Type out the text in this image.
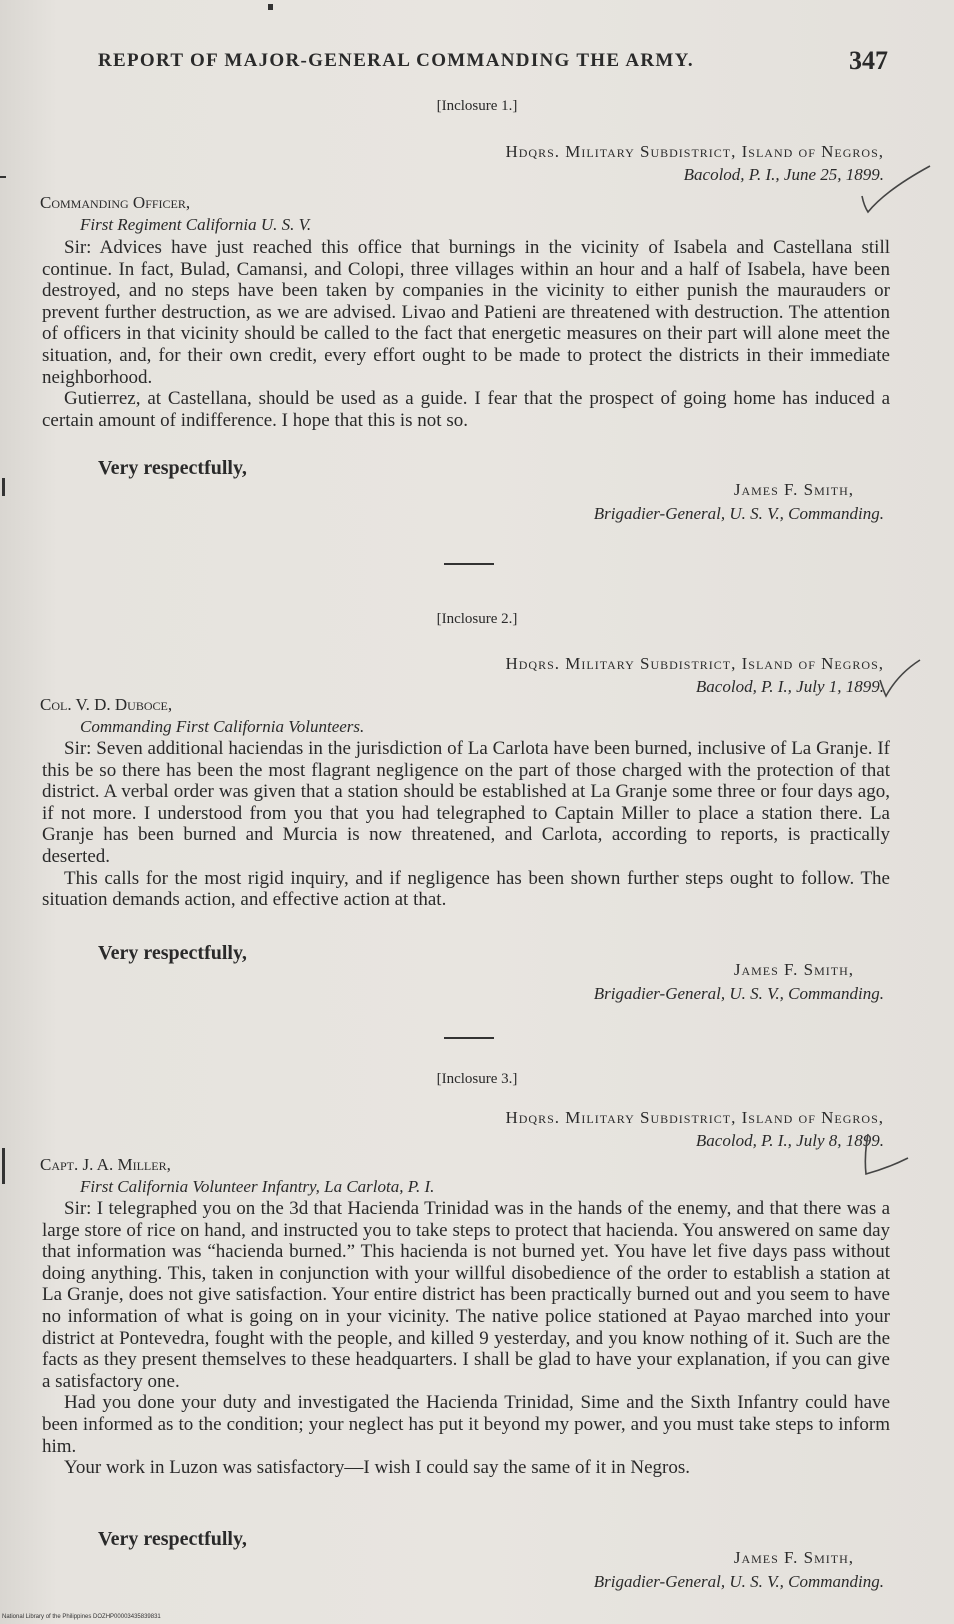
REPORT OF MAJOR-GENERAL COMMANDING THE ARMY.	347
[Inclosure 1.]
Hdqrs. Military Subdistrict, Island of Negros,
Bacolod, P. I., June 25, 1899.
Commanding Officer,
First Regiment California U. S. V.

Sir: Advices have just reached this office that burnings in the vicinity of Isabela and Castellana still continue. In fact, Bulad, Camansi, and Colopi, three villages within an hour and a half of Isabela, have been destroyed, and no steps have been taken by companies in the vicinity to either punish the maurauders or prevent further destruction, as we are advised. Livao and Patieni are threatened with destruction. The attention of officers in that vicinity should be called to the fact that energetic measures on their part will alone meet the situation, and, for their own credit, every effort ought to be made to protect the districts in their immediate neighborhood.

Gutierrez, at Castellana, should be used as a guide. I fear that the prospect of going home has induced a certain amount of indifference. I hope that this is not so.

Very respectfully,
James F. Smith,
Brigadier-General, U. S. V., Commanding.
[Inclosure 2.]
Hdqrs. Military Subdistrict, Island of Negros,
Bacolod, P. I., July 1, 1899.
Col. V. D. Duboce,
Commanding First California Volunteers.

Sir: Seven additional haciendas in the jurisdiction of La Carlota have been burned, inclusive of La Granje. If this be so there has been the most flagrant negligence on the part of those charged with the protection of that district. A verbal order was given that a station should be established at La Granje some three or four days ago, if not more. I understood from you that you had telegraphed to Captain Miller to place a station there. La Granje has been burned and Murcia is now threatened, and Carlota, according to reports, is practically deserted.

This calls for the most rigid inquiry, and if negligence has been shown further steps ought to follow. The situation demands action, and effective action at that.

Very respectfully,
James F. Smith,
Brigadier-General, U. S. V., Commanding.
[Inclosure 3.]
Hdqrs. Military Subdistrict, Island of Negros,
Bacolod, P. I., July 8, 1899.
Capt. J. A. Miller,
First California Volunteer Infantry, La Carlota, P. I.

Sir: I telegraphed you on the 3d that Hacienda Trinidad was in the hands of the enemy, and that there was a large store of rice on hand, and instructed you to take steps to protect that hacienda. You answered on same day that information was “hacienda burned.” This hacienda is not burned yet. You have let five days pass without doing anything. This, taken in conjunction with your willful disobedience of the order to establish a station at La Granje, does not give satisfaction. Your entire district has been practically burned out and you seem to have no information of what is going on in your vicinity. The native police stationed at Payao marched into your district at Pontevedra, fought with the people, and killed 9 yesterday, and you know nothing of it. Such are the facts as they present themselves to these headquarters. I shall be glad to have your explanation, if you can give a satisfactory one.

Had you done your duty and investigated the Hacienda Trinidad, Sime and the Sixth Infantry could have been informed as to the condition; your neglect has put it beyond my power, and you must take steps to inform him.

Your work in Luzon was satisfactory—I wish I could say the same of it in Negros.

Very respectfully,
James F. Smith,
Brigadier-General, U. S. V., Commanding.
National Library of the Philippines DOZHP00003435839831
